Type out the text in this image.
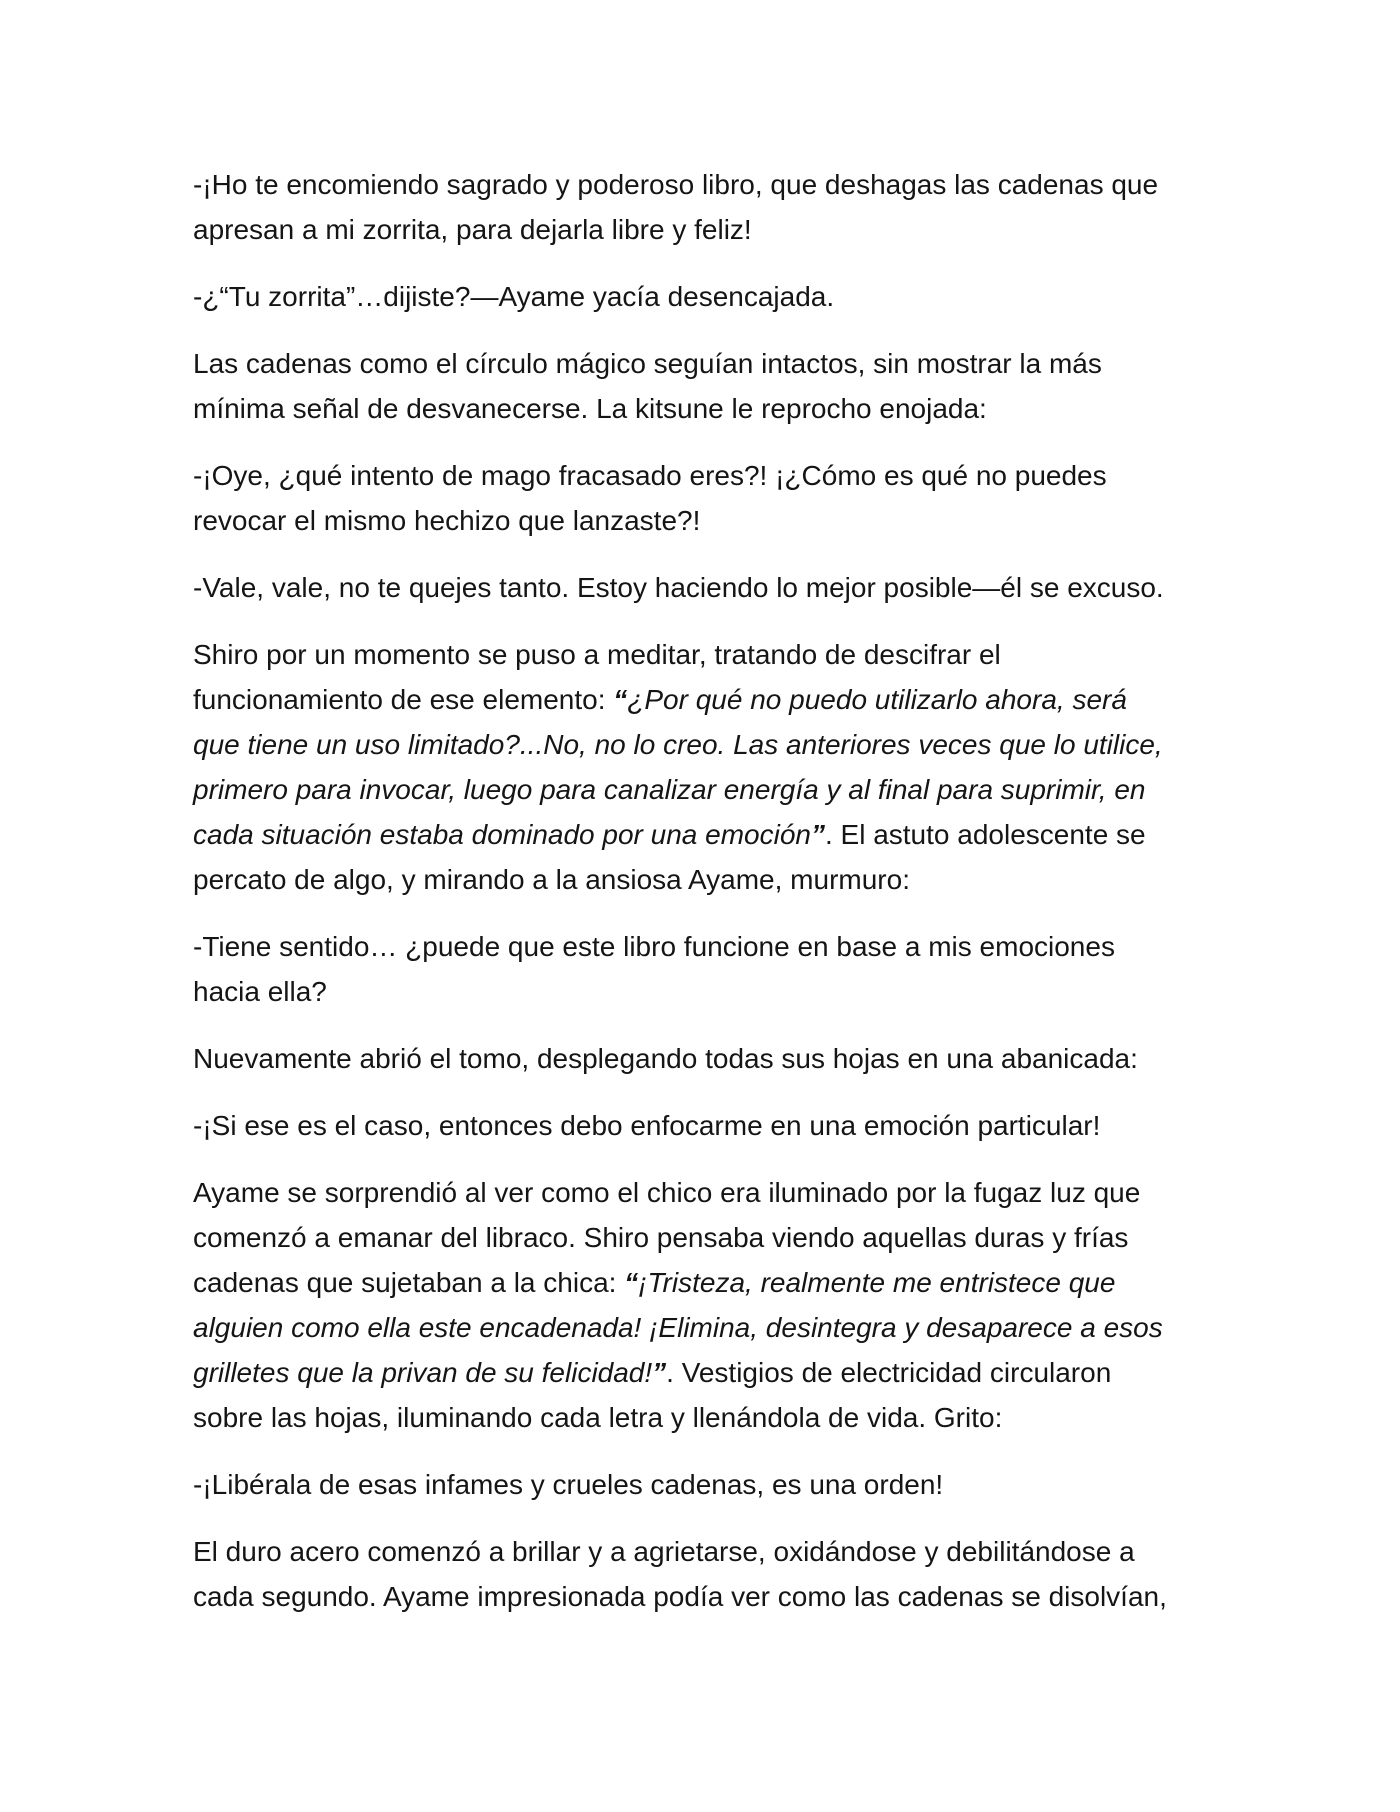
-¡Ho te encomiendo sagrado y poderoso libro, que deshagas las cadenas que
apresan a mi zorrita, para dejarla libre y feliz!

-¿“Tu zorrita”…dijiste?—Ayame yacía desencajada.

Las cadenas como el círculo mágico seguían intactos, sin mostrar la más
mínima señal de desvanecerse. La kitsune le reprocho enojada:

-¡Oye, ¿qué intento de mago fracasado eres?! ¡¿Cómo es qué no puedes
revocar el mismo hechizo que lanzaste?!

-Vale, vale, no te quejes tanto. Estoy haciendo lo mejor posible—él se excuso.

Shiro por un momento se puso a meditar, tratando de descifrar el
funcionamiento de ese elemento: “¿Por qué no puedo utilizarlo ahora, será
que tiene un uso limitado?...No, no lo creo. Las anteriores veces que lo utilice,
primero para invocar, luego para canalizar energía y al final para suprimir, en
cada situación estaba dominado por una emoción”. El astuto adolescente se
percato de algo, y mirando a la ansiosa Ayame, murmuro:

-Tiene sentido… ¿puede que este libro funcione en base a mis emociones
hacia ella?

Nuevamente abrió el tomo, desplegando todas sus hojas en una abanicada:

-¡Si ese es el caso, entonces debo enfocarme en una emoción particular!

Ayame se sorprendió al ver como el chico era iluminado por la fugaz luz que
comenzó a emanar del libraco. Shiro pensaba viendo aquellas duras y frías
cadenas que sujetaban a la chica: “¡Tristeza, realmente me entristece que
alguien como ella este encadenada! ¡Elimina, desintegra y desaparece a esos
grilletes que la privan de su felicidad!”. Vestigios de electricidad circularon
sobre las hojas, iluminando cada letra y llenándola de vida. Grito:

-¡Libérala de esas infames y crueles cadenas, es una orden!

El duro acero comenzó a brillar y a agrietarse, oxidándose y debilitándose a
cada segundo. Ayame impresionada podía ver como las cadenas se disolvían,
